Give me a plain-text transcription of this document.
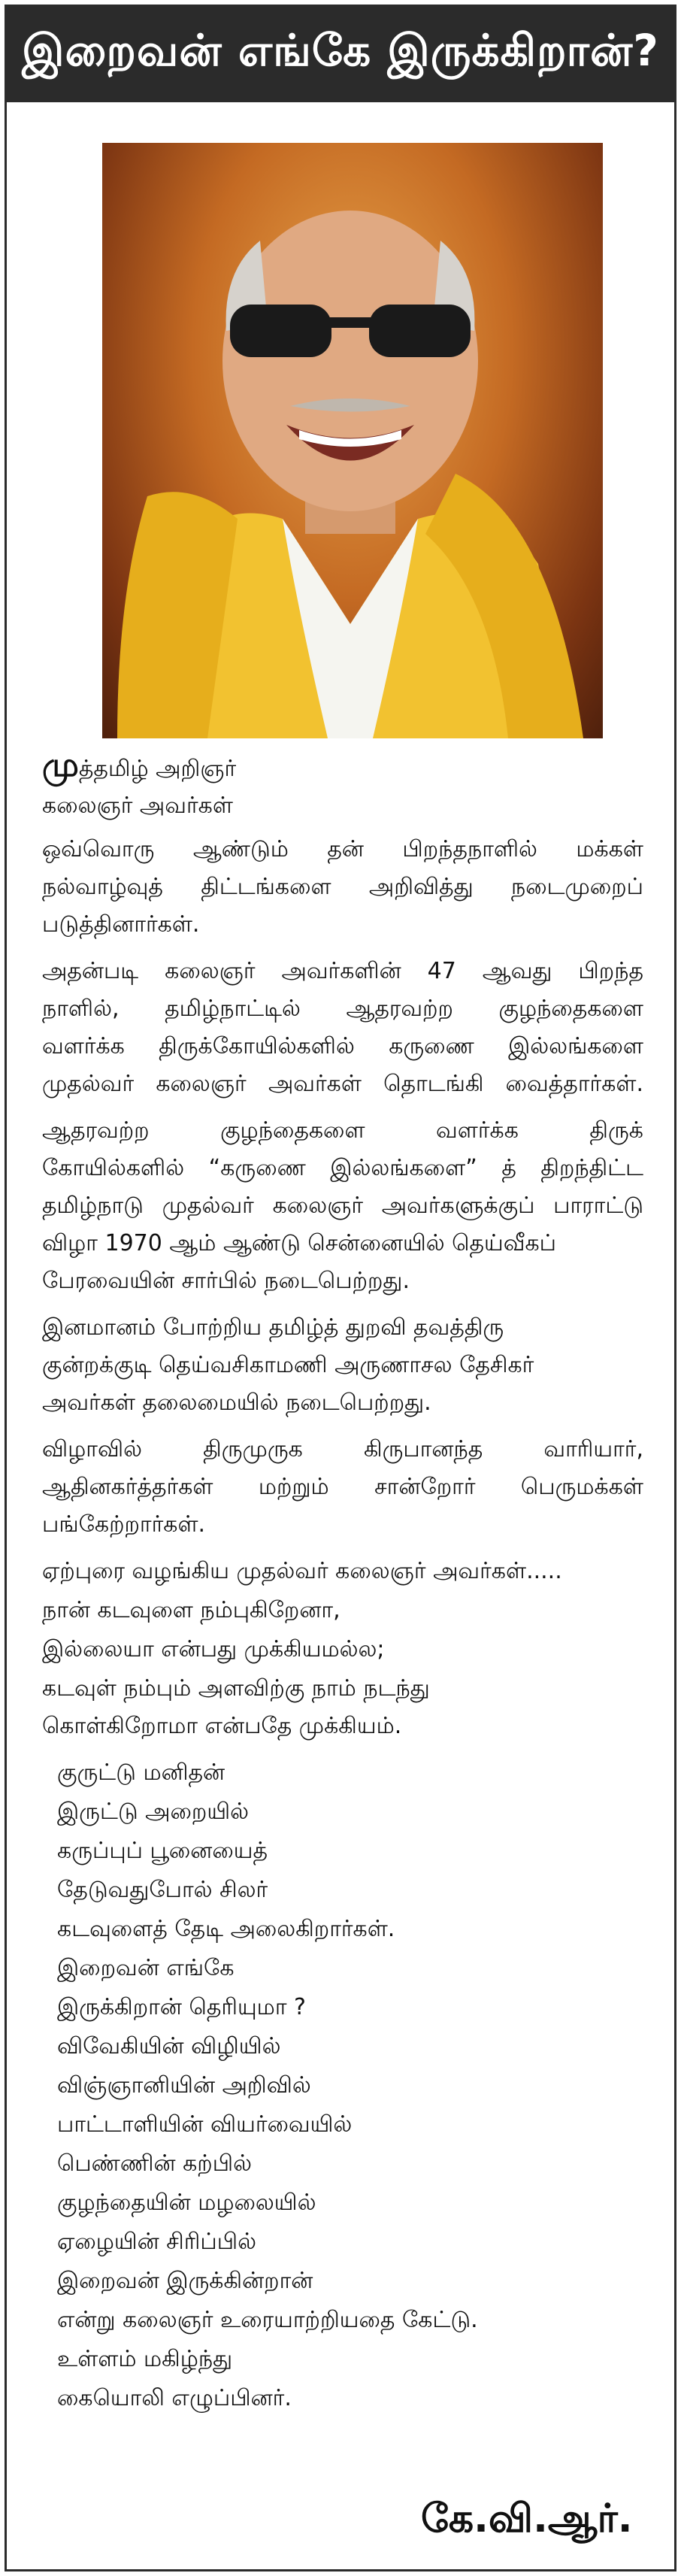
இறைவன் எங்கே இருக்கிறான்?
முத்தமிழ் அறிஞர்
கலைஞர் அவர்கள்
ஒவ்வொரு ஆண்டும் தன் பிறந்தநாளில் மக்கள்
நல்வாழ்வுத் திட்டங்களை அறிவித்து நடைமுறைப்
படுத்தினார்கள்.
அதன்படி கலைஞர் அவர்களின் 47 ஆவது பிறந்த
நாளில், தமிழ்நாட்டில் ஆதரவற்ற குழந்தைகளை
வளர்க்க திருக்கோயில்களில் கருணை இல்லங்களை
முதல்வர் கலைஞர் அவர்கள் தொடங்கி வைத்தார்கள்.
ஆதரவற்ற குழந்தைகளை வளர்க்க திருக்
கோயில்களில் “கருணை இல்லங்களை” த் திறந்திட்ட
தமிழ்நாடு முதல்வர் கலைஞர் அவர்களுக்குப் பாராட்டு
விழா 1970 ஆம் ஆண்டு சென்னையில் தெய்வீகப்
பேரவையின் சார்பில் நடைபெற்றது.
இனமானம் போற்றிய தமிழ்த் துறவி தவத்திரு
குன்றக்குடி தெய்வசிகாமணி அருணாசல தேசிகர்
அவர்கள் தலைமையில் நடைபெற்றது.
விழாவில் திருமுருக கிருபானந்த வாரியார்,
ஆதினகர்த்தர்கள் மற்றும் சான்றோர் பெருமக்கள்
பங்கேற்றார்கள்.
ஏற்புரை வழங்கிய முதல்வர் கலைஞர் அவர்கள்.....
நான் கடவுளை நம்புகிறேனா,
இல்லையா என்பது முக்கியமல்ல;
கடவுள் நம்பும் அளவிற்கு நாம் நடந்து
கொள்கிறோமா என்பதே முக்கியம்.
குருட்டு மனிதன்
இருட்டு அறையில்
கருப்புப் பூனையைத்
தேடுவதுபோல் சிலர்
கடவுளைத் தேடி அலைகிறார்கள்.
இறைவன் எங்கே
இருக்கிறான் தெரியுமா ?
விவேகியின் விழியில்
விஞ்ஞானியின் அறிவில்
பாட்டாளியின் வியர்வையில்
பெண்ணின் கற்பில்
குழந்தையின் மழலையில்
ஏழையின் சிரிப்பில்
இறைவன் இருக்கின்றான்
என்று கலைஞர் உரையாற்றியதை கேட்டு.
உள்ளம் மகிழ்ந்து
கையொலி எழுப்பினர்.
கே.வி.ஆர்.
